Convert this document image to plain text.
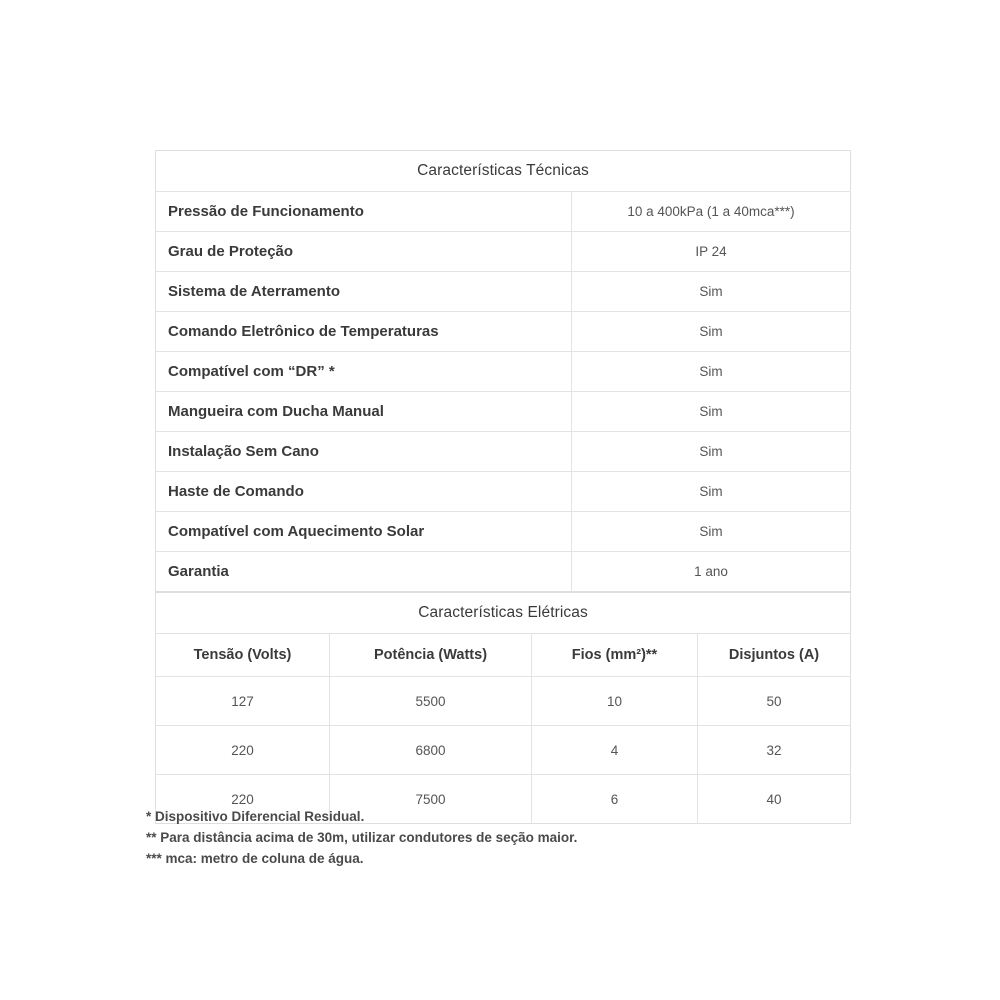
Características Técnicas	
Pressão de Funcionamento	10 a 400kPa (1 a 40mca***)
Grau de Proteção	IP 24
Sistema de Aterramento	Sim
Comando Eletrônico de Temperaturas	Sim
Compatível com “DR” *	Sim
Mangueira com Ducha Manual	Sim
Instalação Sem Cano	Sim
Haste de Comando	Sim
Compatível com Aquecimento Solar	Sim
Garantia	1 ano
Características Elétricas			
Tensão (Volts)	Potência (Watts)	Fios (mm²)**	Disjuntos (A)
127	5500	10	50
220	6800	4	32
220	7500	6	40
* Dispositivo Diferencial Residual.
** Para distância acima de 30m, utilizar condutores de seção maior.
*** mca: metro de coluna de água.
